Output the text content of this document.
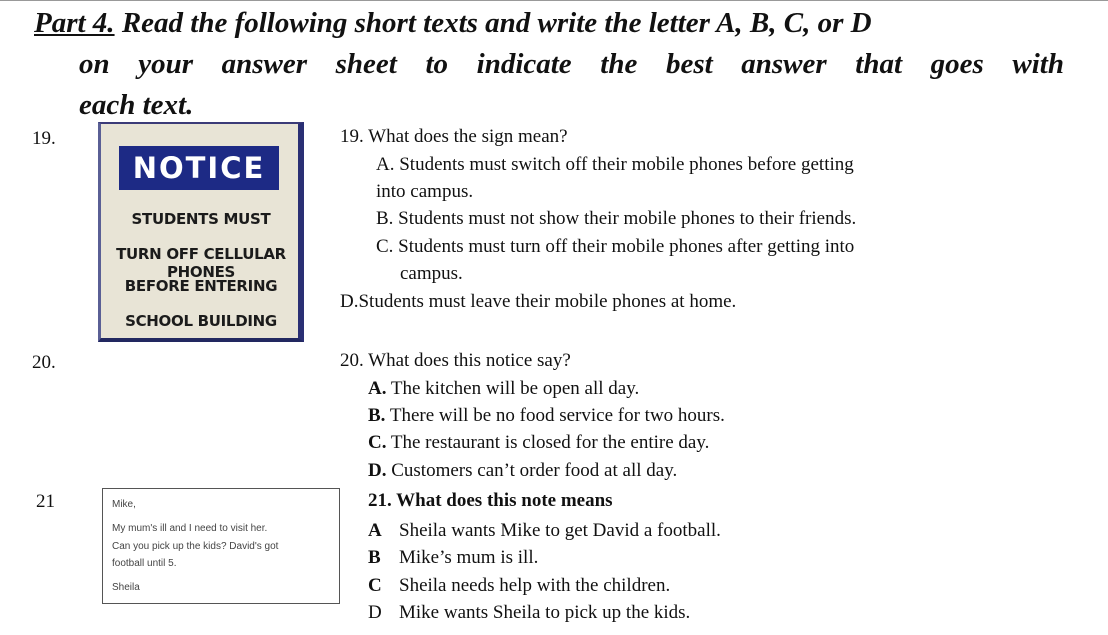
Part 4. Read the following short texts and write the letter A, B, C, or D
on your answer sheet to indicate the best answer that goes with
each text.
19.
NOTICE
STUDENTS MUST
TURN OFF CELLULAR PHONES
BEFORE ENTERING
SCHOOL BUILDING
19. What does the sign mean?
A. Students must switch off their mobile phones before getting
into campus.
B. Students must not show their mobile phones to their friends.
C. Students must turn off their mobile phones after getting into
campus.
D.Students must leave their mobile phones at home.
20.	20. What does this notice say?
A. The kitchen will be open all day.
B. There will be no food service for two hours.
C. The restaurant is closed for the entire day.
D. Customers can’t order food at all day.
21	Mike,
My mum's ill and I need to visit her.
Can you pick up the kids? David's got
football until 5.
Sheila
21. What does this note means
A Sheila wants Mike to get David a football.
B Mike’s mum is ill.
C Sheila needs help with the children.
D Mike wants Sheila to pick up the kids.
